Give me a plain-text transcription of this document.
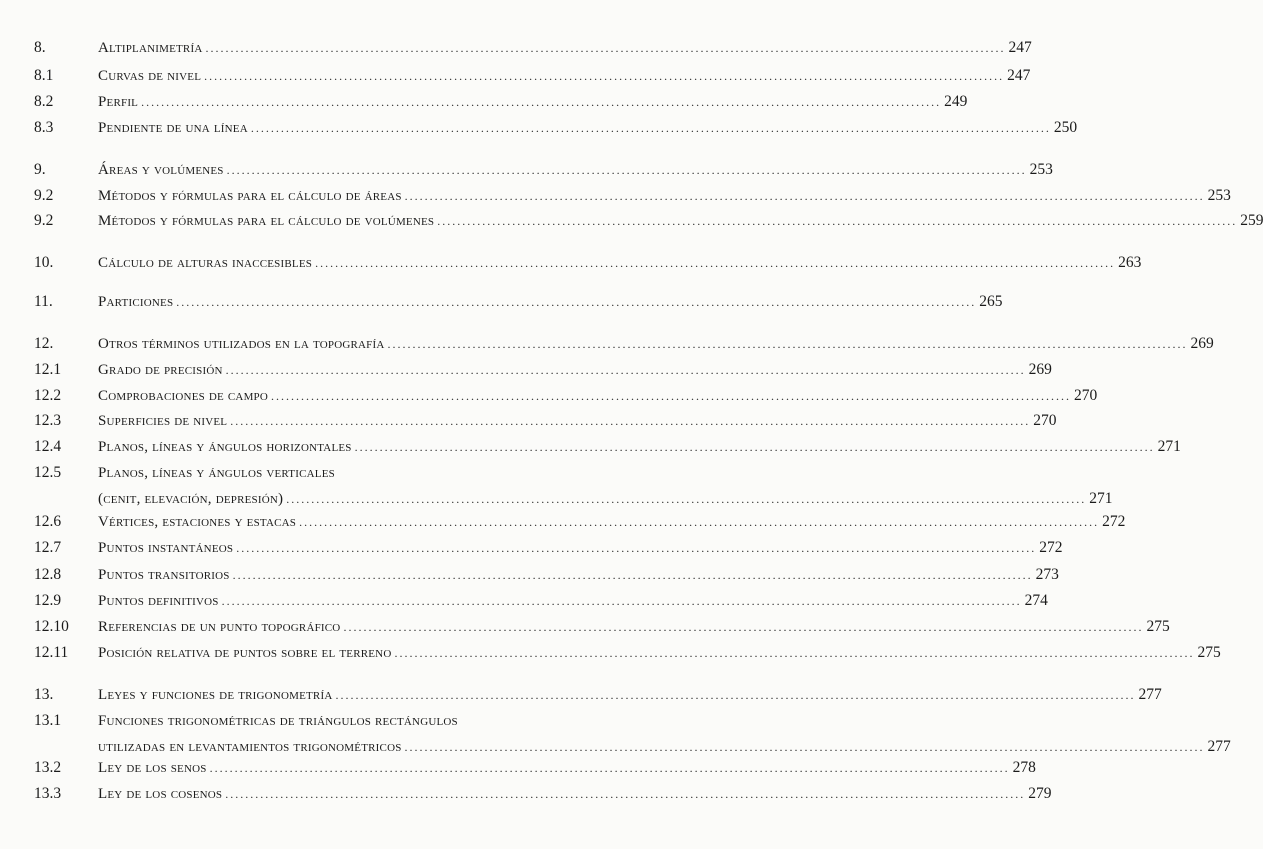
8.	Altiplanimetría ................................................................................................................................................................ 247
8.1	Curvas de nivel ................................................................................................................................................................ 247
8.2	Perfil ................................................................................................................................................................ 249
8.3	Pendiente de una línea ................................................................................................................................................................ 250
9.	Áreas y volúmenes ................................................................................................................................................................ 253
9.2	Métodos y fórmulas para el cálculo de áreas ................................................................................................................................................................ 253
9.2	Métodos y fórmulas para el cálculo de volúmenes ................................................................................................................................................................ 259
10.	Cálculo de alturas inaccesibles ................................................................................................................................................................ 263
11.	Particiones ................................................................................................................................................................ 265
12.	Otros términos utilizados en la topografía ................................................................................................................................................................ 269
12.1 Grado de precisión ................................................................................................................................................................ 269
12.2 Comprobaciones de campo ................................................................................................................................................................ 270
12.3 Superficies de nivel ................................................................................................................................................................ 270
12.4 Planos, líneas y ángulos horizontales ................................................................................................................................................................ 271
12.5 Planos, líneas y ángulos verticales
(cenit, elevación, depresión) ................................................................................................................................................................ 271
12.6 Vértices, estaciones y estacas ................................................................................................................................................................ 272
12.7 Puntos instantáneos ................................................................................................................................................................ 272
12.8 Puntos transitorios ................................................................................................................................................................ 273
12.9 Puntos definitivos ................................................................................................................................................................ 274
12.10 Referencias de un punto topográfico ................................................................................................................................................................ 275
12.11 Posición relativa de puntos sobre el terreno ................................................................................................................................................................ 275
13.	Leyes y funciones de trigonometría ................................................................................................................................................................ 277
13.1 Funciones trigonométricas de triángulos rectángulos
utilizadas en levantamientos trigonométricos ................................................................................................................................................................ 277
13.2 Ley de los senos ................................................................................................................................................................ 278
13.3 Ley de los cosenos ................................................................................................................................................................ 279
